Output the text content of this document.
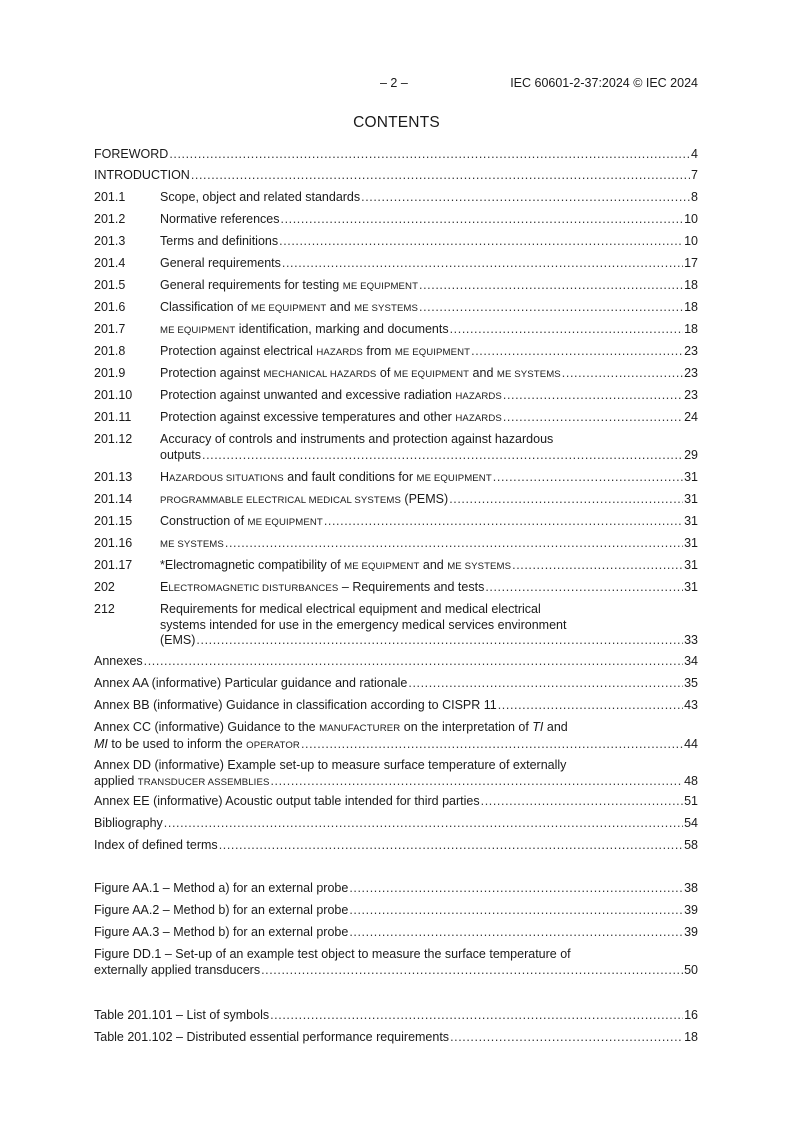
– 2 –	IEC 60601-2-37:2024 © IEC 2024
CONTENTS
FOREWORD .....	4
INTRODUCTION .....	7
201.1	Scope, object and related standards .....	8
201.2	Normative references .....	10
201.3	Terms and definitions .....	10
201.4	General requirements .....	17
201.5	General requirements for testing ME EQUIPMENT .....	18
201.6	Classification of ME EQUIPMENT and ME SYSTEMS .....	18
201.7	ME EQUIPMENT identification, marking and documents .....	18
201.8	Protection against electrical HAZARDS from ME EQUIPMENT .....	23
201.9	Protection against MECHANICAL HAZARDS of ME EQUIPMENT and ME SYSTEMS .....	23
201.10	Protection against unwanted and excessive radiation HAZARDS .....	23
201.11	Protection against excessive temperatures and other HAZARDS .....	24
201.12	Accuracy of controls and instruments and protection against hazardous
outputs .....	29
201.13	HAZARDOUS SITUATIONS and fault conditions for ME EQUIPMENT .....	31
201.14	PROGRAMMABLE ELECTRICAL MEDICAL SYSTEMS (PEMS) .....	31
201.15	Construction of ME EQUIPMENT .....	31
201.16	ME SYSTEMS .....	31
201.17	*Electromagnetic compatibility of ME EQUIPMENT and ME SYSTEMS .....	31
202	ELECTROMAGNETIC DISTURBANCES – Requirements and tests .....	31
212	Requirements for medical electrical equipment and medical electrical
systems intended for use in the emergency medical services environment
(EMS) .....	33
Annexes .....	34
Annex AA (informative) Particular guidance and rationale .....	35
Annex BB (informative) Guidance in classification according to CISPR 11 .....	43
Annex CC (informative) Guidance to the MANUFACTURER on the interpretation of TI and
MI to be used to inform the OPERATOR .....	44
Annex DD (informative) Example set-up to measure surface temperature of externally
applied TRANSDUCER ASSEMBLIES .....	48
Annex EE (informative) Acoustic output table intended for third parties .....	51
Bibliography .....	54
Index of defined terms .....	58
Figure AA.1 – Method a) for an external probe .....	38
Figure AA.2 – Method b) for an external probe .....	39
Figure AA.3 – Method b) for an external probe .....	39
Figure DD.1 – Set-up of an example test object to measure the surface temperature of
externally applied transducers .....	50
Table 201.101 – List of symbols .....	16
Table 201.102 – Distributed essential performance requirements .....	18
